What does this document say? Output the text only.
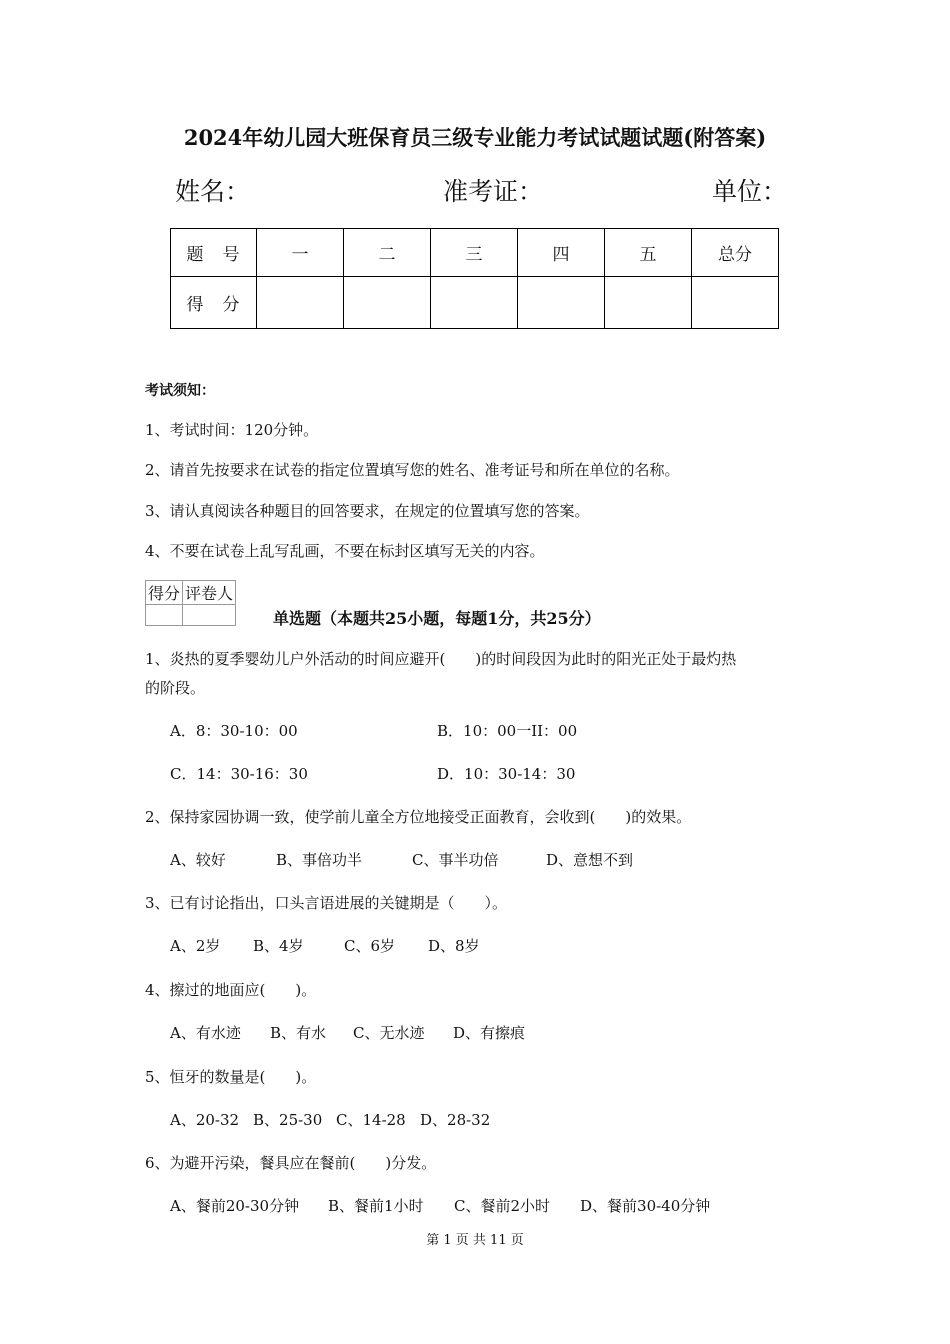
2024年幼儿园大班保育员三级专业能力考试试题试题(附答案)
姓名：	准考证：	单位：
题　号	一	二	三	四	五	总分
得　分						
考试须知：
1、考试时间：120分钟。
2、请首先按要求在试卷的指定位置填写您的姓名、准考证号和所在单位的名称。
3、请认真阅读各种题目的回答要求，在规定的位置填写您的答案。
4、不要在试卷上乱写乱画，不要在标封区填写无关的内容。
得分	评卷人

单选题（本题共25小题，每题1分，共25分）
1、炎热的夏季婴幼儿户外活动的时间应避开(　　)的时间段因为此时的阳光正处于最灼热
的阶段。
A．8：30-10：00	B．10：00一II：00
C．14：30-16：30	D．10：30-14：30
2、保持家园协调一致，使学前儿童全方位地接受正面教育，会收到(　　)的效果。
A、较好	B、事倍功半	C、事半功倍	D、意想不到
3、已有讨论指出，口头言语进展的关键期是（　　）。
A、2岁 B、4岁	C、6岁 D、8岁
4、擦过的地面应(　　)。
A、有水迹 B、有水 C、无水迹 D、有擦痕
5、恒牙的数量是(　　)。
A、20-32 B、25-30 C、14-28 D、28-32
6、为避开污染，餐具应在餐前(　　)分发。
A、餐前20-30分钟 B、餐前1小时 C、餐前2小时 D、餐前30-40分钟
第 1 页 共 11 页
